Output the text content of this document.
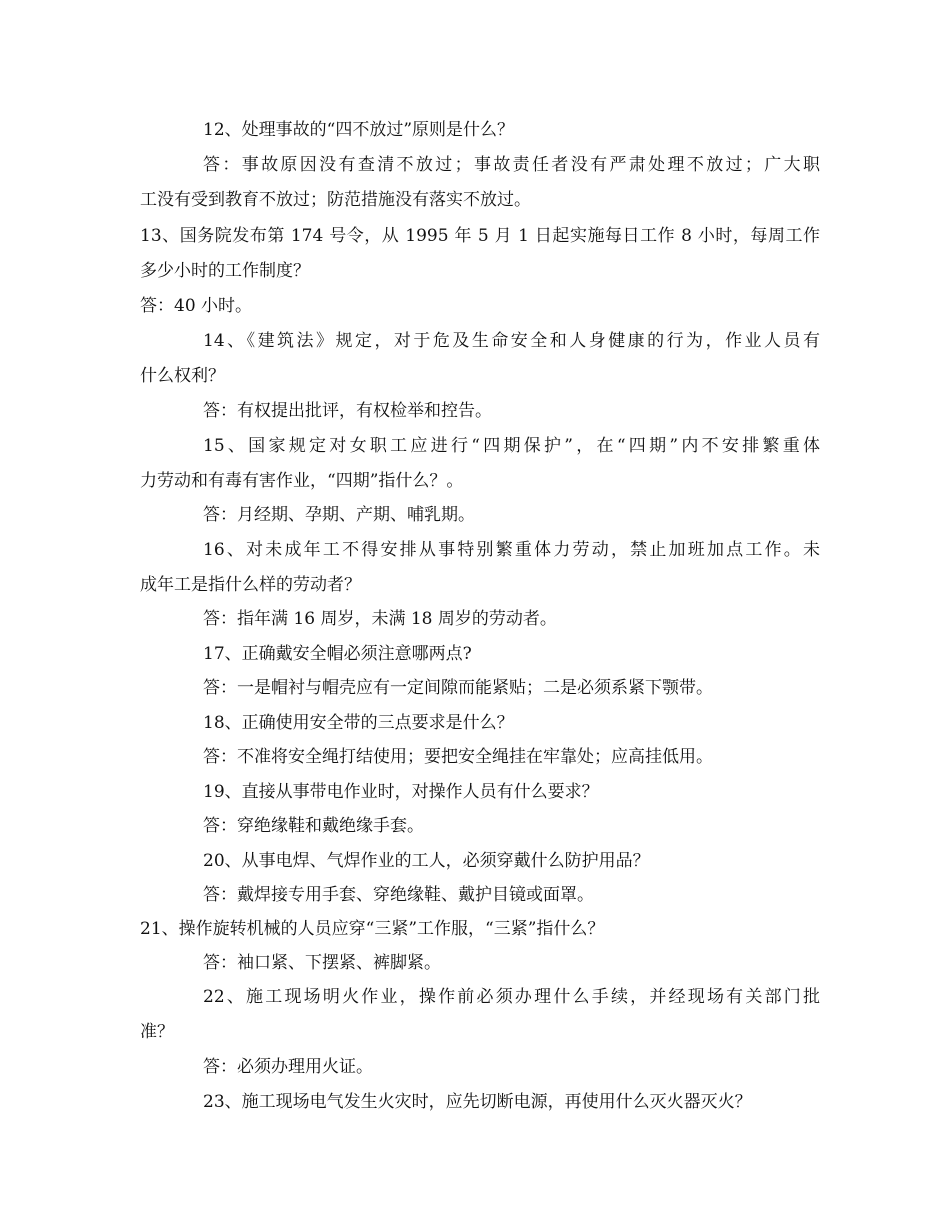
12、处理事故的“四不放过”原则是什么？
答：事故原因没有查清不放过；事故责任者没有严肃处理不放过；广大职
工没有受到教育不放过；防范措施没有落实不放过。
13、国务院发布第 174 号令，从 1995 年 5 月 1 日起实施每日工作 8 小时，每周工作
多少小时的工作制度？
答：40 小时。
14、《建筑法》规定，对于危及生命安全和人身健康的行为，作业人员有
什么权利？
答：有权提出批评，有权检举和控告。
15、国家规定对女职工应进行“四期保护”，在“四期”内不安排繁重体
力劳动和有毒有害作业，“四期”指什么？。
答：月经期、孕期、产期、哺乳期。
16、对未成年工不得安排从事特别繁重体力劳动，禁止加班加点工作。未
成年工是指什么样的劳动者？
答：指年满 16 周岁，未满 18 周岁的劳动者。
17、正确戴安全帽必须注意哪两点?
答：一是帽衬与帽壳应有一定间隙而能紧贴；二是必须系紧下颚带。
18、正确使用安全带的三点要求是什么？
答：不准将安全绳打结使用；要把安全绳挂在牢靠处；应高挂低用。
19、直接从事带电作业时，对操作人员有什么要求？
答：穿绝缘鞋和戴绝缘手套。
20、从事电焊、气焊作业的工人，必须穿戴什么防护用品？
答：戴焊接专用手套、穿绝缘鞋、戴护目镜或面罩。
21、操作旋转机械的人员应穿“三紧”工作服，“三紧”指什么？
答：袖口紧、下摆紧、裤脚紧。
22、施工现场明火作业，操作前必须办理什么手续，并经现场有关部门批
准？
答：必须办理用火证。
23、施工现场电气发生火灾时，应先切断电源，再使用什么灭火器灭火？
